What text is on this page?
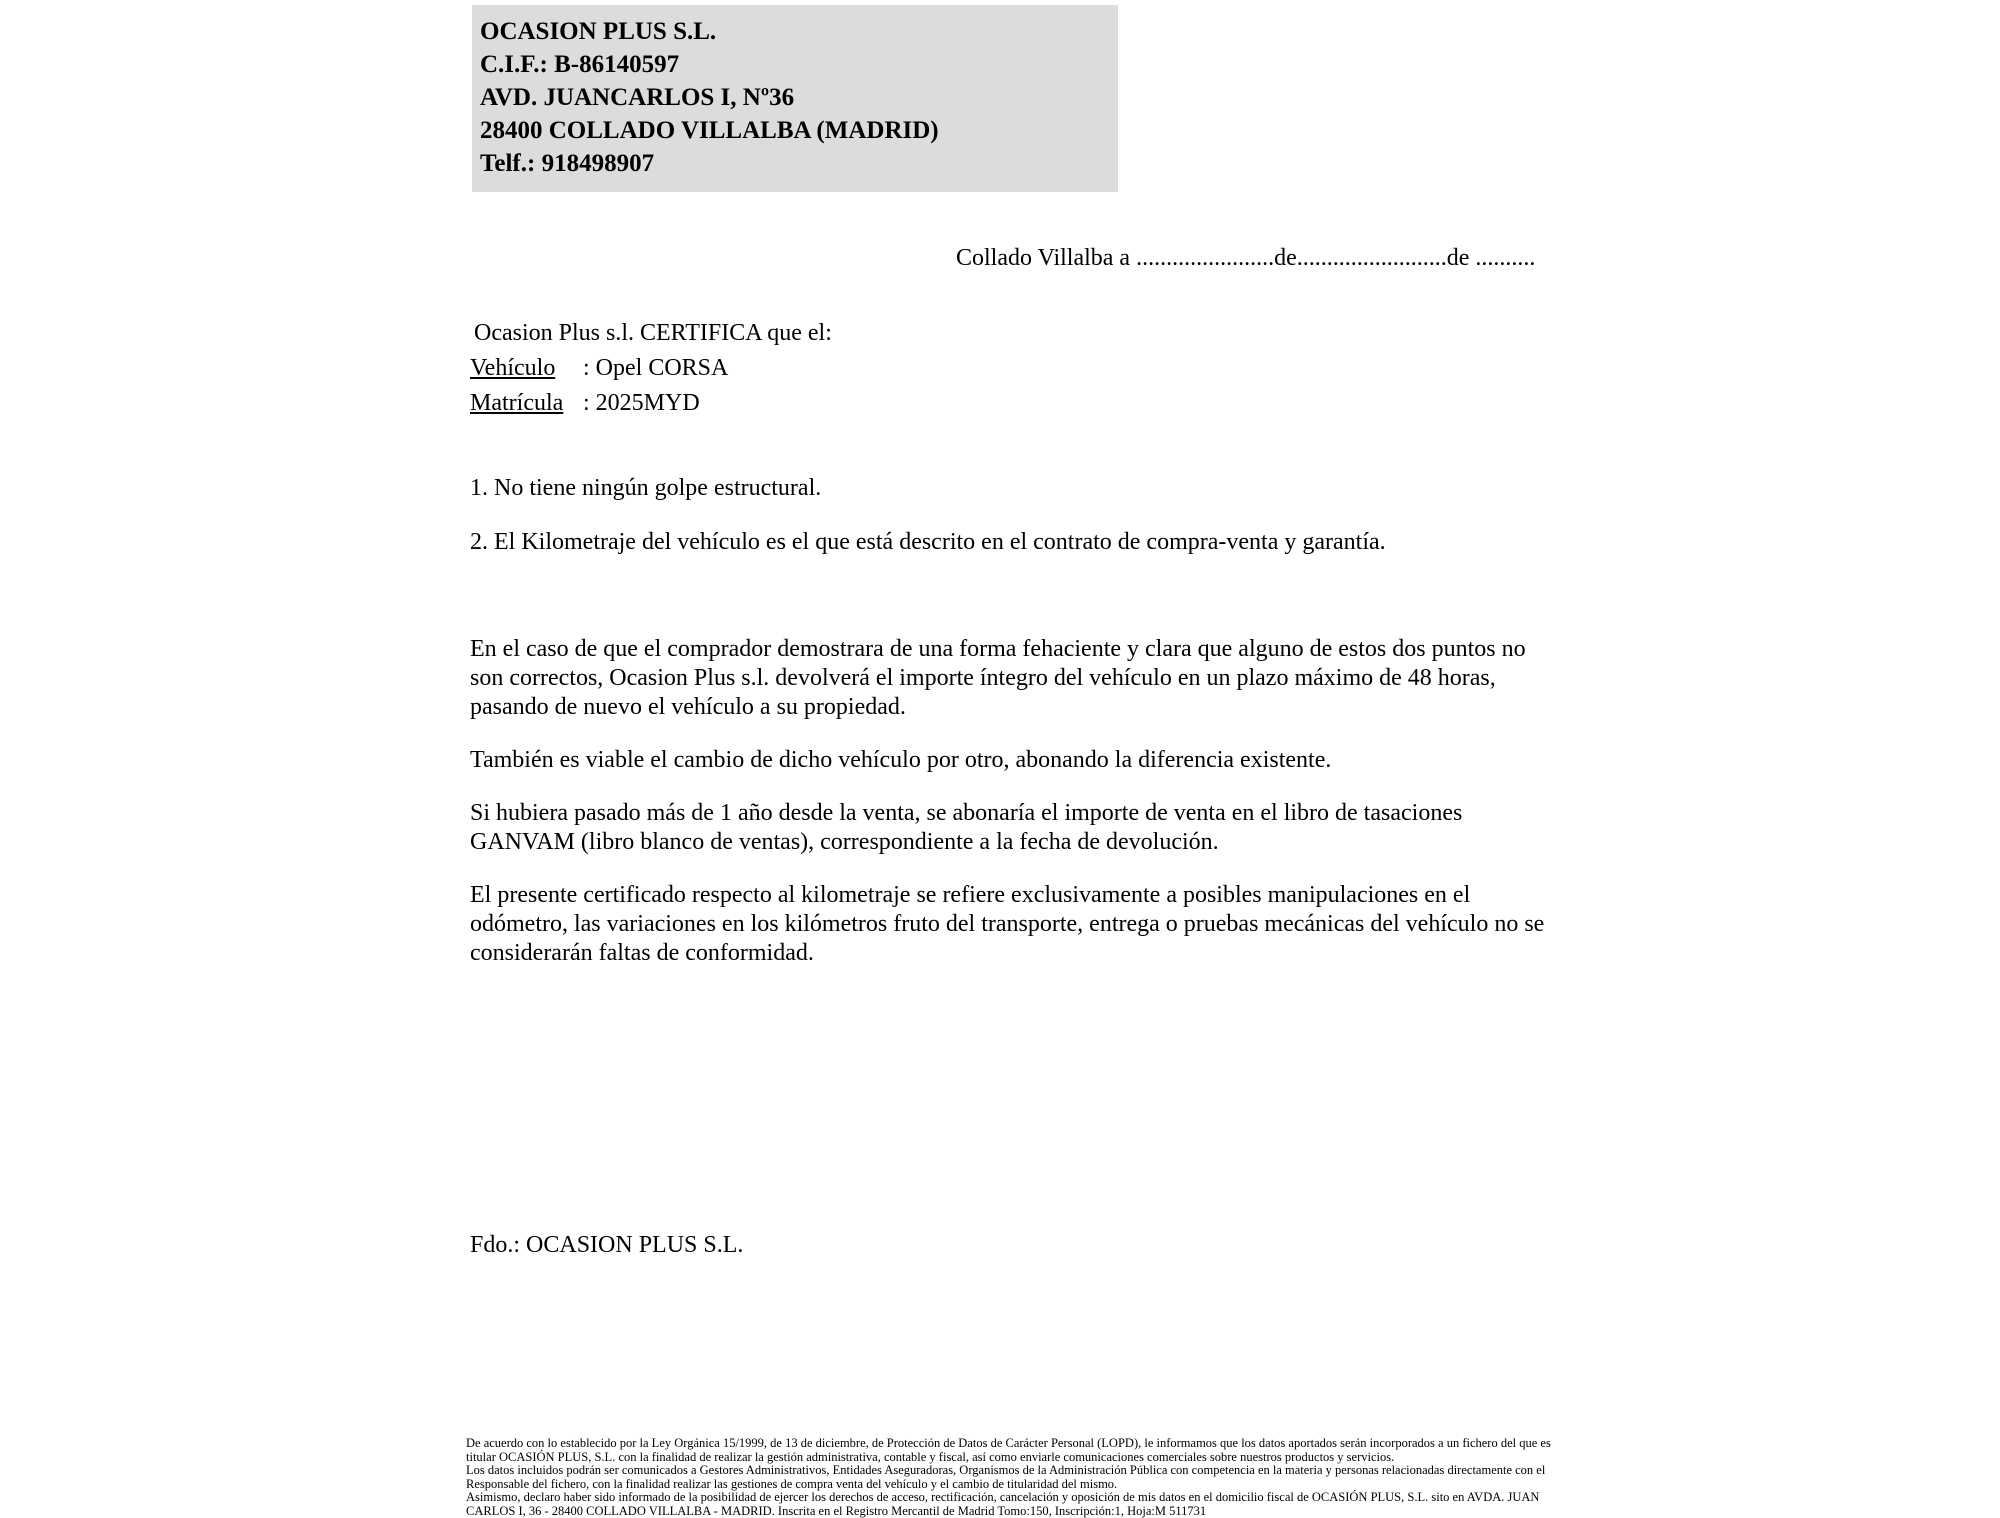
OCASION PLUS S.L.
C.I.F.: B-86140597
AVD. JUANCARLOS I, Nº36
28400 COLLADO VILLALBA (MADRID)
Telf.: 918498907
Collado Villalba a .......................de.........................de ..........
Ocasion Plus s.l. CERTIFICA que el:
Vehículo : Opel CORSA
Matrícula : 2025MYD

1. No tiene ningún golpe estructural.

2. El Kilometraje del vehículo es el que está descrito en el contrato de compra-venta y garantía.

En el caso de que el comprador demostrara de una forma fehaciente y clara que alguno de estos dos puntos no son correctos, Ocasion Plus s.l. devolverá el importe íntegro del vehículo en un plazo máximo de 48 horas, pasando de nuevo el vehículo a su propiedad.

También es viable el cambio de dicho vehículo por otro, abonando la diferencia existente.

Si hubiera pasado más de 1 año desde la venta, se abonaría el importe de venta en el libro de tasaciones GANVAM (libro blanco de ventas), correspondiente a la fecha de devolución.

El presente certificado respecto al kilometraje se refiere exclusivamente a posibles manipulaciones en el odómetro, las variaciones en los kilómetros fruto del transporte, entrega o pruebas mecánicas del vehículo no se considerarán faltas de conformidad.

Fdo.: OCASION PLUS S.L.

De acuerdo con lo establecido por la Ley Orgánica 15/1999, de 13 de diciembre, de Protección de Datos de Carácter Personal (LOPD), le informamos que los datos aportados serán incorporados a un fichero del que es titular OCASIÓN PLUS, S.L. con la finalidad de realizar la gestión administrativa, contable y fiscal, así como enviarle comunicaciones comerciales sobre nuestros productos y servicios.

Los datos incluidos podrán ser comunicados a Gestores Administrativos, Entidades Aseguradoras, Organismos de la Administración Pública con competencia en la materia y personas relacionadas directamente con el Responsable del fichero, con la finalidad realizar las gestiones de compra venta del vehículo y el cambio de titularidad del mismo.

Asimismo, declaro haber sido informado de la posibilidad de ejercer los derechos de acceso, rectificación, cancelación y oposición de mis datos en el domicilio fiscal de OCASIÓN PLUS, S.L. sito en AVDA. JUAN CARLOS I, 36 - 28400 COLLADO VILLALBA - MADRID. Inscrita en el Registro Mercantil de Madrid Tomo:150, Inscripción:1, Hoja:M 511731
